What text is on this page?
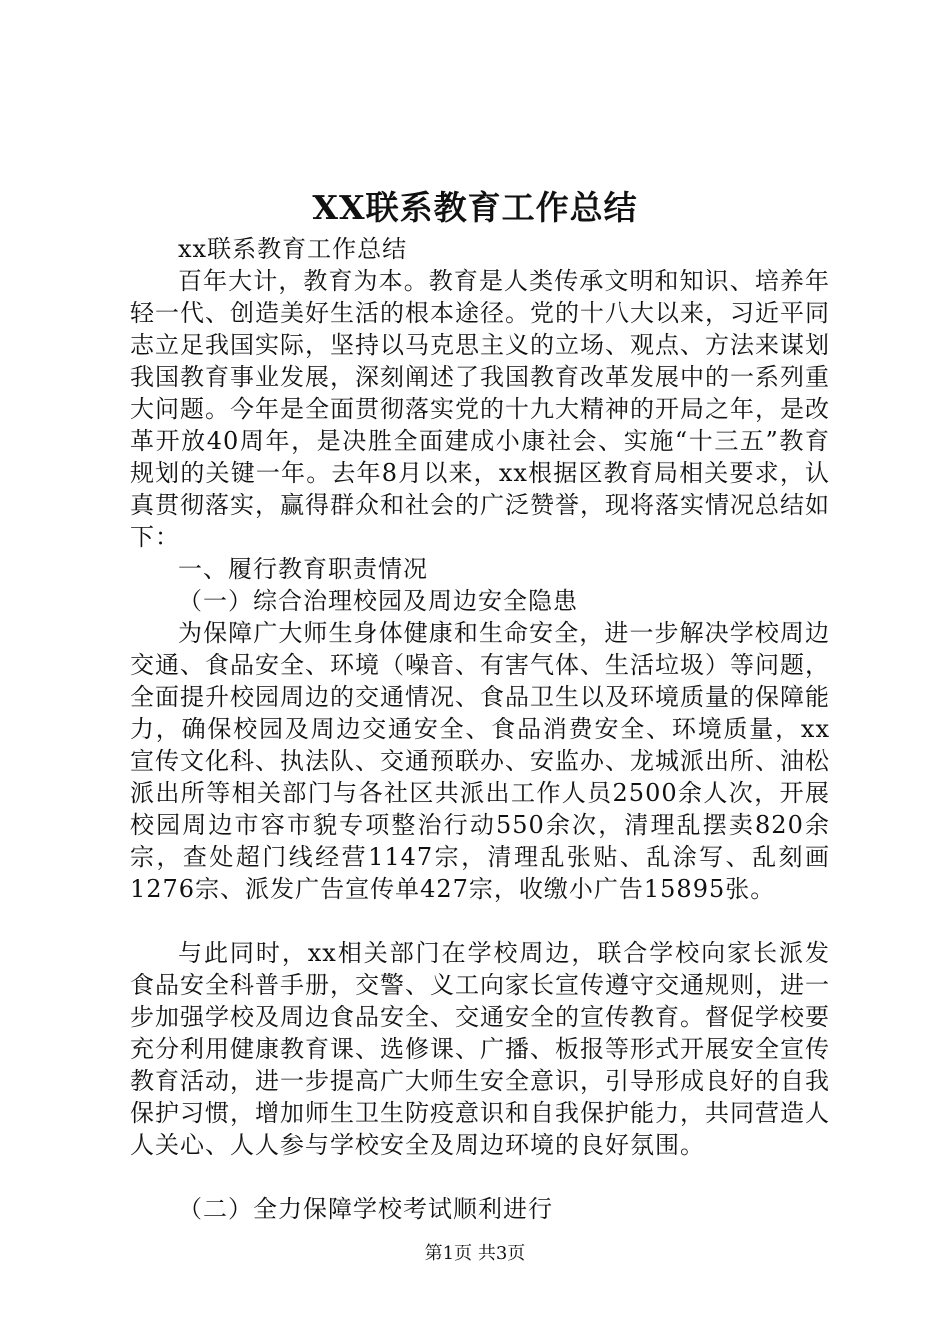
XX联系教育工作总结

xx联系教育工作总结

百年大计，教育为本。教育是人类传承文明和知识、培养年轻一代、创造美好生活的根本途径。党的十八大以来，习近平同志立足我国实际，坚持以马克思主义的立场、观点、方法来谋划我国教育事业发展，深刻阐述了我国教育改革发展中的一系列重大问题。今年是全面贯彻落实党的十九大精神的开局之年，是改革开放40周年，是决胜全面建成小康社会、实施“十三五”教育规划的关键一年。去年8月以来，xx根据区教育局相关要求，认真贯彻落实，赢得群众和社会的广泛赞誉，现将落实情况总结如下：

一、履行教育职责情况

（一）综合治理校园及周边安全隐患

为保障广大师生身体健康和生命安全，进一步解决学校周边交通、食品安全、环境（噪音、有害气体、生活垃圾）等问题，全面提升校园周边的交通情况、食品卫生以及环境质量的保障能力，确保校园及周边交通安全、食品消费安全、环境质量，xx宣传文化科、执法队、交通预联办、安监办、龙城派出所、油松派出所等相关部门与各社区共派出工作人员2500余人次，开展校园周边市容市貌专项整治行动550余次，清理乱摆卖820余宗，查处超门线经营1147宗，清理乱张贴、乱涂写、乱刻画1276宗、派发广告宣传单427宗，收缴小广告15895张。

与此同时，xx相关部门在学校周边，联合学校向家长派发食品安全科普手册，交警、义工向家长宣传遵守交通规则，进一步加强学校及周边食品安全、交通安全的宣传教育。督促学校要充分利用健康教育课、选修课、广播、板报等形式开展安全宣传教育活动，进一步提高广大师生安全意识，引导形成良好的自我保护习惯，增加师生卫生防疫意识和自我保护能力，共同营造人人关心、人人参与学校安全及周边环境的良好氛围。

（二）全力保障学校考试顺利进行

第1页 共3页
